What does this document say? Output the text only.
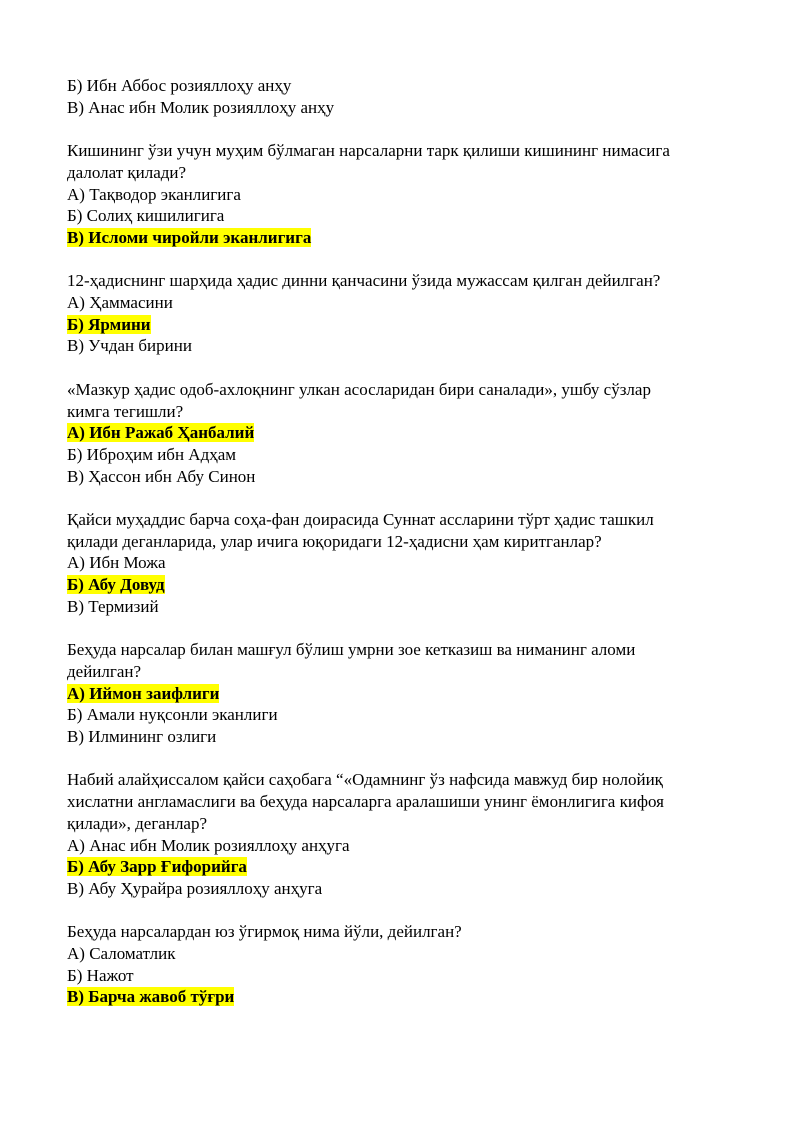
Б) Ибн Аббос розияллоҳу анҳу
В) Анас ибн Молик розияллоҳу анҳу
Кишининг ўзи учун муҳим бўлмаган нарсаларни тарк қилиши кишининг нимасига
далолат қилади?
А) Тақводор эканлигига
Б) Солиҳ кишилигига
В) Исломи чиройли эканлигига
12-ҳадиснинг шарҳида ҳадис динни қанчасини ўзида мужассам қилган дейилган?
А) Ҳаммасини
Б) Ярмини
В) Учдан бирини
«Мазкур ҳадис одоб-ахлоқнинг улкан асосларидан бири саналади», ушбу сўзлар
кимга тегишли?
А) Ибн Ражаб Ҳанбалий
Б) Иброҳим ибн Адҳам
В) Ҳассон ибн Абу Синон
Қайси муҳаддис барча соҳа-фан доирасида Суннат ассларини тўрт ҳадис ташкил
қилади деганларида, улар ичига юқоридаги 12-ҳадисни ҳам киритганлар?
А) Ибн Можа
Б) Абу Довуд
В) Термизий
Беҳуда нарсалар билан машғул бўлиш умрни зое кетказиш ва ниманинг аломи
дейилган?
А) Иймон заифлиги
Б) Амали нуқсонли эканлиги
В) Илмининг озлиги
Набий алайҳиссалом қайси саҳобага “«Одамнинг ўз нафсида мавжуд бир нолойиқ
хислатни англамаслиги ва беҳуда нарсаларга аралашиши унинг ёмонлигига кифоя
қилади», деганлар?
А) Анас ибн Молик розияллоҳу анҳуга
Б) Абу Зарр Ғифорийга
В) Абу Ҳурайра розияллоҳу анҳуга
Беҳуда нарсалардан юз ўгирмоқ нима йўли, дейилган?
А) Саломатлик
Б) Нажот
В) Барча жавоб тўғри
